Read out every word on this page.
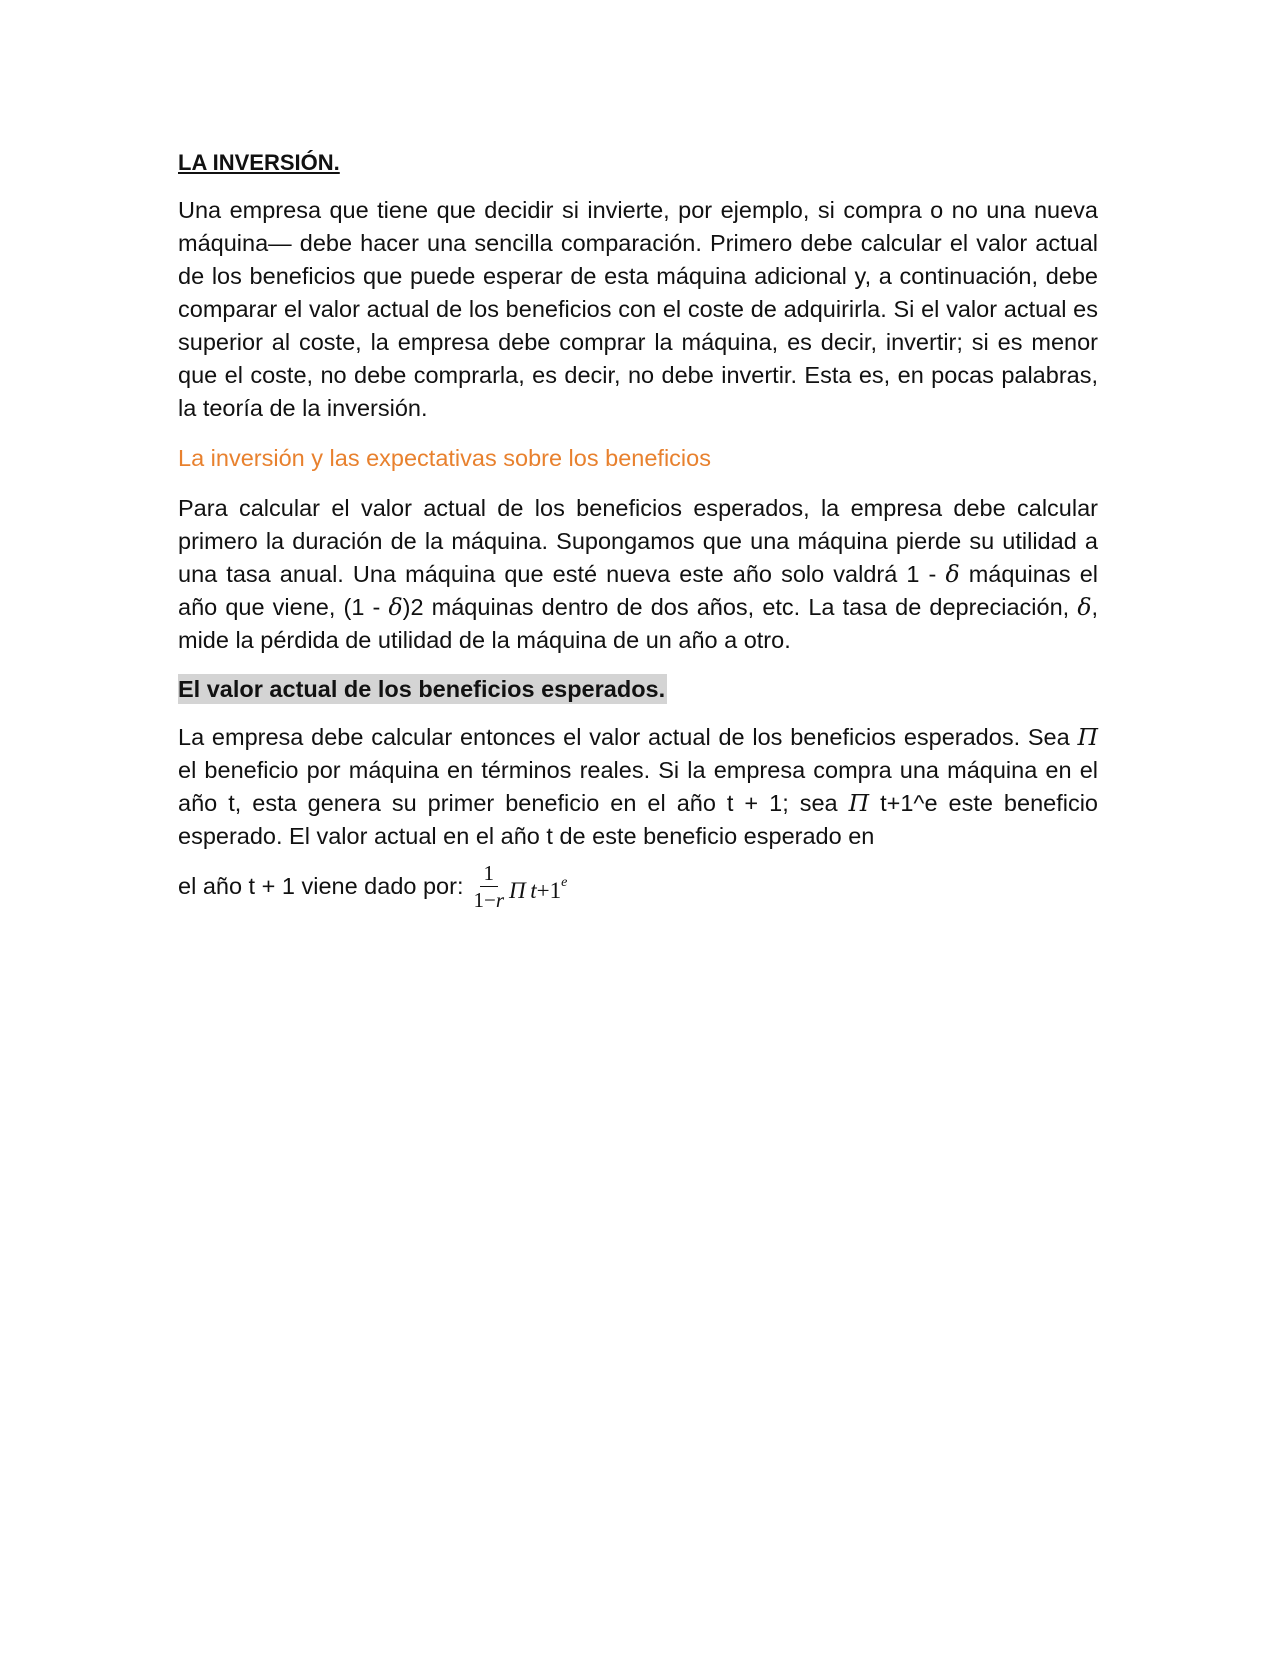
LA INVERSIÓN.

Una empresa que tiene que decidir si invierte, por ejemplo, si compra o no una nueva máquina— debe hacer una sencilla comparación. Primero debe calcular el valor actual de los beneficios que puede esperar de esta máquina adicional y, a continuación, debe comparar el valor actual de los beneficios con el coste de adquirirla. Si el valor actual es superior al coste, la empresa debe comprar la máquina, es decir, invertir; si es menor que el coste, no debe comprarla, es decir, no debe invertir. Esta es, en pocas palabras, la teoría de la inversión.

La inversión y las expectativas sobre los beneficios

Para calcular el valor actual de los beneficios esperados, la empresa debe calcular primero la duración de la máquina. Supongamos que una máquina pierde su utilidad a una tasa anual. Una máquina que esté nueva este año solo valdrá 1 - δ máquinas el año que viene, (1 - δ)2 máquinas dentro de dos años, etc. La tasa de depreciación, δ, mide la pérdida de utilidad de la máquina de un año a otro.

El valor actual de los beneficios esperados.

La empresa debe calcular entonces el valor actual de los beneficios esperados. Sea Π el beneficio por máquina en términos reales. Si la empresa compra una máquina en el año t, esta genera su primer beneficio en el año t + 1; sea Π t+1^e este beneficio esperado. El valor actual en el año t de este beneficio esperado en

el año t + 1 viene dado por: $\frac{1}{1-r}$ Π  $t+1^e$
